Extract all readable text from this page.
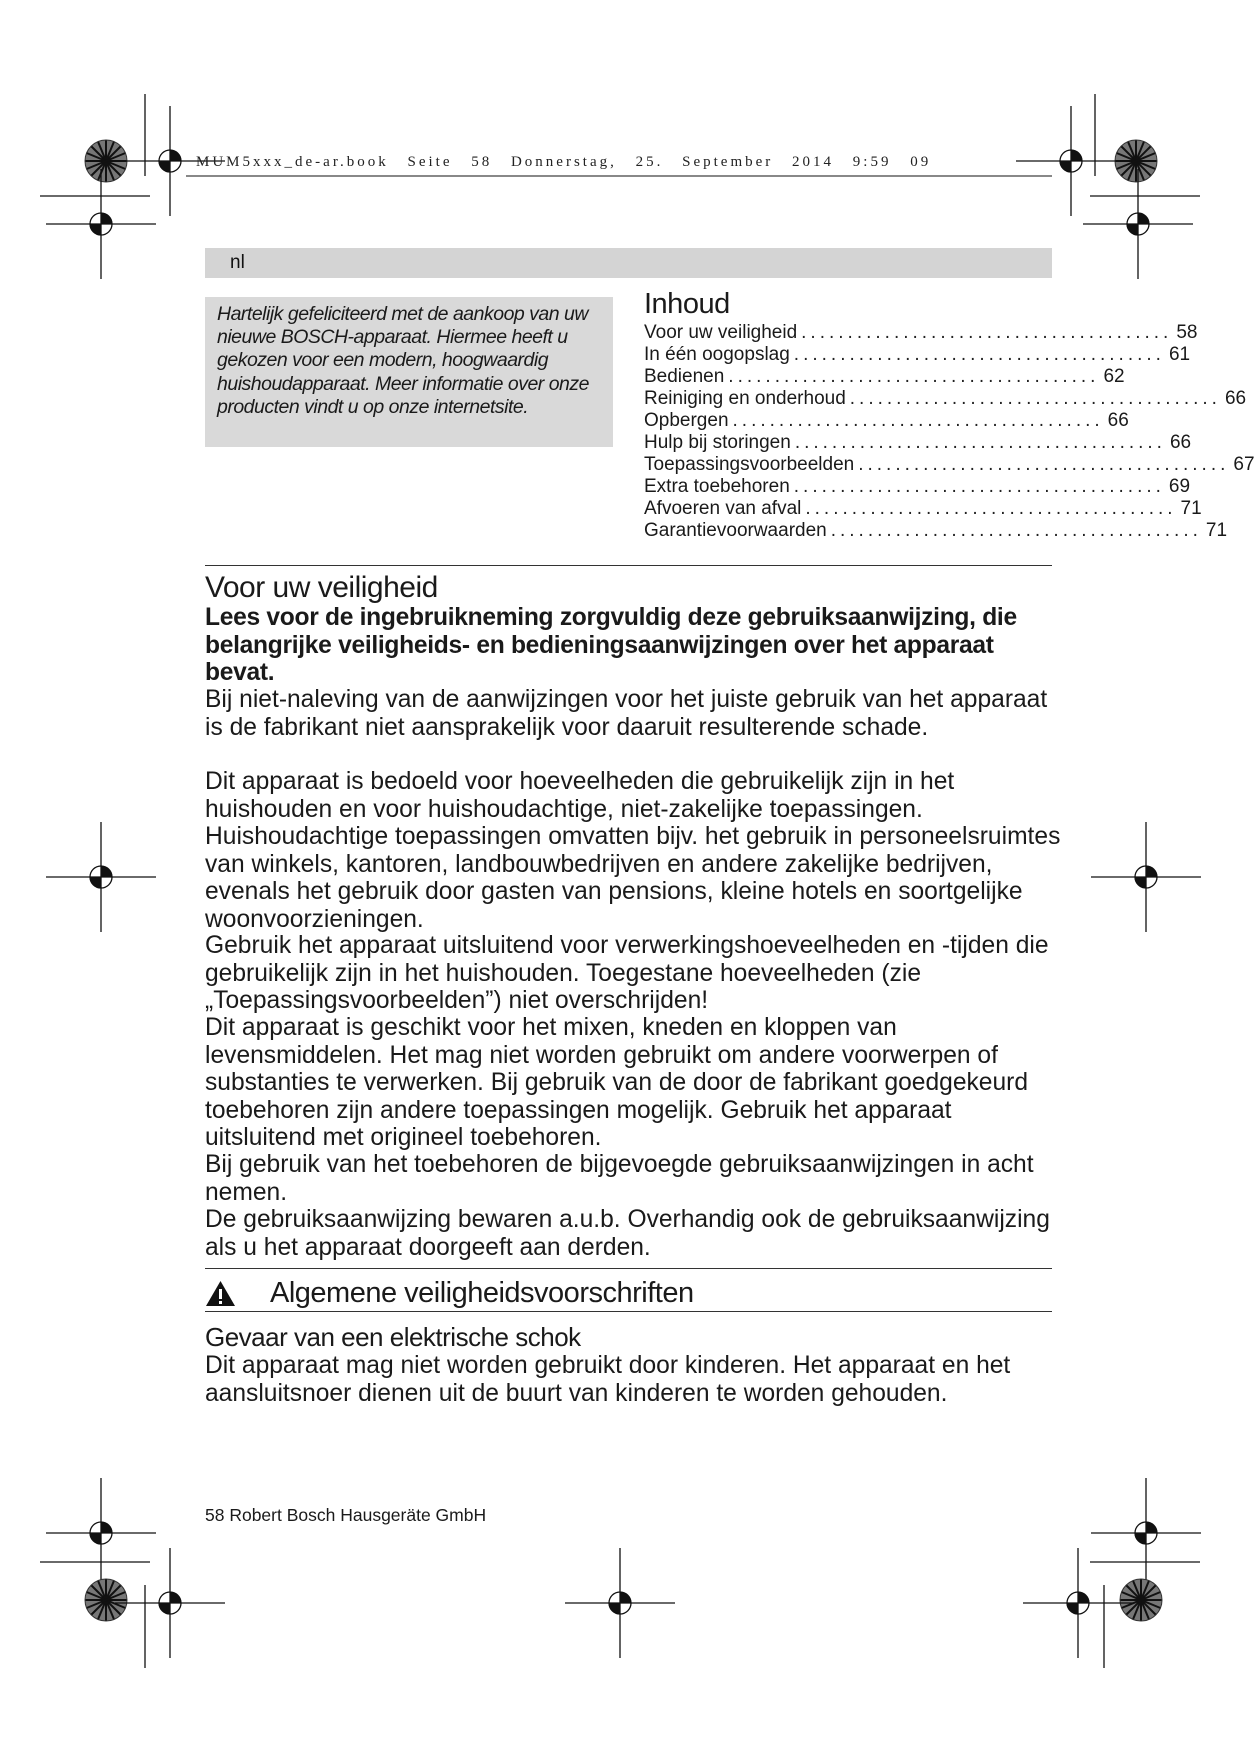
MUM5xxx_de-ar.book Seite 58 Donnerstag, 25. September 2014 9:59 09
nl

Hartelijk gefeliciteerd met de aankoop van uw nieuwe BOSCH-apparaat. Hiermee heeft u gekozen voor een modern, hoogwaardig huishoudapparaat. Meer informatie over onze producten vindt u op onze internetsite.

Inhoud
Voor uw veiligheid ........................................ 58
In één oogopslag ........................................ 61
Bedienen ........................................ 62
Reiniging en onderhoud ........................................ 66
Opbergen ........................................ 66
Hulp bij storingen ........................................ 66
Toepassingsvoorbeelden ........................................ 67
Extra toebehoren ........................................ 69
Afvoeren van afval ........................................ 71
Garantievoorwaarden ........................................ 71
Voor uw veiligheid

Lees voor de ingebruikneming zorgvuldig deze gebruiksaanwijzing, die belangrijke veiligheids- en bedieningsaanwijzingen over het apparaat bevat.

Bij niet-naleving van de aanwijzingen voor het juiste gebruik van het apparaat is de fabrikant niet aansprakelijk voor daaruit resulterende schade.

Dit apparaat is bedoeld voor hoeveelheden die gebruikelijk zijn in het huishouden en voor huishoudachtige, niet-zakelijke toepassingen. Huishoudachtige toepassingen omvatten bijv. het gebruik in personeelsruimtes van winkels, kantoren, landbouwbedrijven en andere zakelijke bedrijven, evenals het gebruik door gasten van pensions, kleine hotels en soortgelijke woonvoorzieningen.

Gebruik het apparaat uitsluitend voor verwerkingshoeveelheden en -tijden die gebruikelijk zijn in het huishouden. Toegestane hoeveelheden (zie „Toepassingsvoorbeelden”) niet overschrijden!

Dit apparaat is geschikt voor het mixen, kneden en kloppen van levensmiddelen. Het mag niet worden gebruikt om andere voorwerpen of substanties te verwerken. Bij gebruik van de door de fabrikant goedgekeurd toebehoren zijn andere toepassingen mogelijk. Gebruik het apparaat uitsluitend met origineel toebehoren.

Bij gebruik van het toebehoren de bijgevoegde gebruiksaanwijzingen in acht nemen.

De gebruiksaanwijzing bewaren a.u.b. Overhandig ook de gebruiksaanwijzing als u het apparaat doorgeeft aan derden.

Algemene veiligheidsvoorschriften
Gevaar van een elektrische schok

Dit apparaat mag niet worden gebruikt door kinderen. Het apparaat en het aansluitsnoer dienen uit de buurt van kinderen te worden gehouden.

58 Robert Bosch Hausgeräte GmbH
